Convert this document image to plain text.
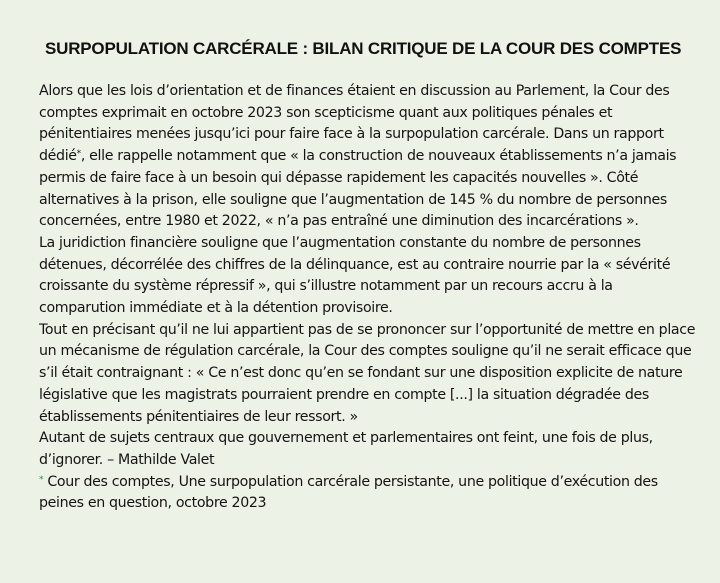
SURPOPULATION CARCÉRALE : BILAN CRITIQUE DE LA COUR DES COMPTES

Alors que les lois d’orientation et de finances étaient en discussion au Parlement, la Cour des comptes exprimait en octobre 2023 son scepticisme quant aux politiques pénales et pénitentiaires menées jusqu’ici pour faire face à la surpopulation carcérale. Dans un rapport dédié*, elle rappelle notamment que « la construction de nouveaux établissements n’a jamais permis de faire face à un besoin qui dépasse rapidement les capacités nouvelles ». Côté alternatives à la prison, elle souligne que l’augmentation de 145 % du nombre de personnes concernées, entre 1980 et 2022, « n’a pas entraîné une diminution des incarcérations ».

La juridiction financière souligne que l’augmentation constante du nombre de personnes détenues, décorrélée des chiffres de la délinquance, est au contraire nourrie par la « sévérité croissante du système répressif », qui s’illustre notamment par un recours accru à la comparution immédiate et à la détention provisoire.

Tout en précisant qu’il ne lui appartient pas de se prononcer sur l’opportunité de mettre en place un mécanisme de régulation carcérale, la Cour des comptes souligne qu’il ne serait efficace que s’il était contraignant : « Ce n’est donc qu’en se fondant sur une disposition explicite de nature législative que les magistrats pourraient prendre en compte [...] la situation dégradée des établissements pénitentiaires de leur ressort. »

Autant de sujets centraux que gouvernement et parlementaires ont feint, une fois de plus, d’ignorer. – Mathilde Valet

* Cour des comptes, Une surpopulation carcérale persistante, une politique d’exécution des peines en question, octobre 2023
